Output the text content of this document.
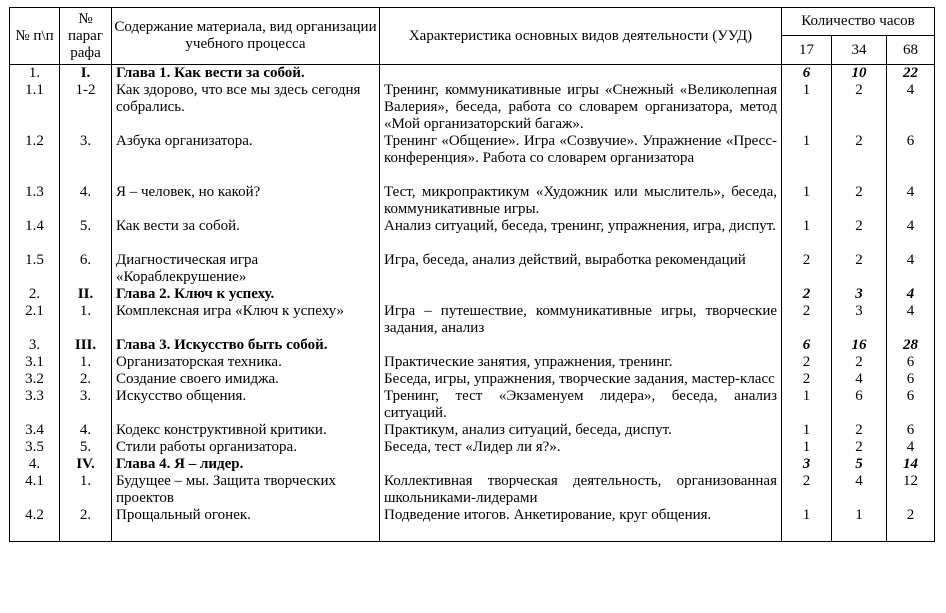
№ п\п	№ параг рафа	Содержание материала, вид организации учебного процесса	Характеристика основных видов деятельности (УУД)	Количество часов		
				17	34	68
1.	I.	Глава 1. Как вести за собой.		6	10	22
1.1	1-2	Как здорово, что все мы здесь сегодня собрались.	Тренинг, коммуникативные игры «Снежный «Великолепная Валерия», беседа, работа со словарем организатора, метод «Мой организаторский багаж».	1	2	4
1.2	3.	Азбука организатора.	Тренинг «Общение». Игра «Созвучие». Упражнение «Пресс-конференция». Работа со словарем организатора	1	2	6
1.3	4.	Я – человек, но какой?	Тест, микропрактикум «Художник или мыслитель», беседа, коммуникативные игры.	1	2	4
1.4	5.	Как вести за собой.	Анализ ситуаций, беседа, тренинг, упражнения, игра, диспут.	1	2	4
1.5	6.	Диагностическая игра «Кораблекрушение»	Игра, беседа, анализ действий, выработка рекомендаций	2	2	4
2.	II.	Глава 2. Ключ к успеху.		2	3	4
2.1	1.	Комплексная игра «Ключ к успеху»	Игра – путешествие, коммуникативные игры, творческие задания, анализ	2	3	4
3.	III.	Глава 3. Искусство быть собой.		6	16	28
3.1	1.	Организаторская техника.	Практические занятия, упражнения, тренинг.	2	2	6
3.2	2.	Создание своего имиджа.	Беседа, игры, упражнения, творческие задания, мастер-класс	2	4	6
3.3	3.	Искусство общения.	Тренинг, тест «Экзаменуем лидера», беседа, анализ ситуаций.	1	6	6
3.4	4.	Кодекс конструктивной критики.	Практикум, анализ ситуаций, беседа, диспут.	1	2	6
3.5	5.	Стили работы организатора.	Беседа, тест «Лидер ли я?».	1	2	4
4.	IV.	Глава 4. Я – лидер.		3	5	14
4.1	1.	Будущее – мы. Защита творческих проектов	Коллективная творческая деятельность, организованная школьниками-лидерами	2	4	12
4.2	2.	Прощальный огонек.	Подведение итогов. Анкетирование, круг общения.	1	1	2
